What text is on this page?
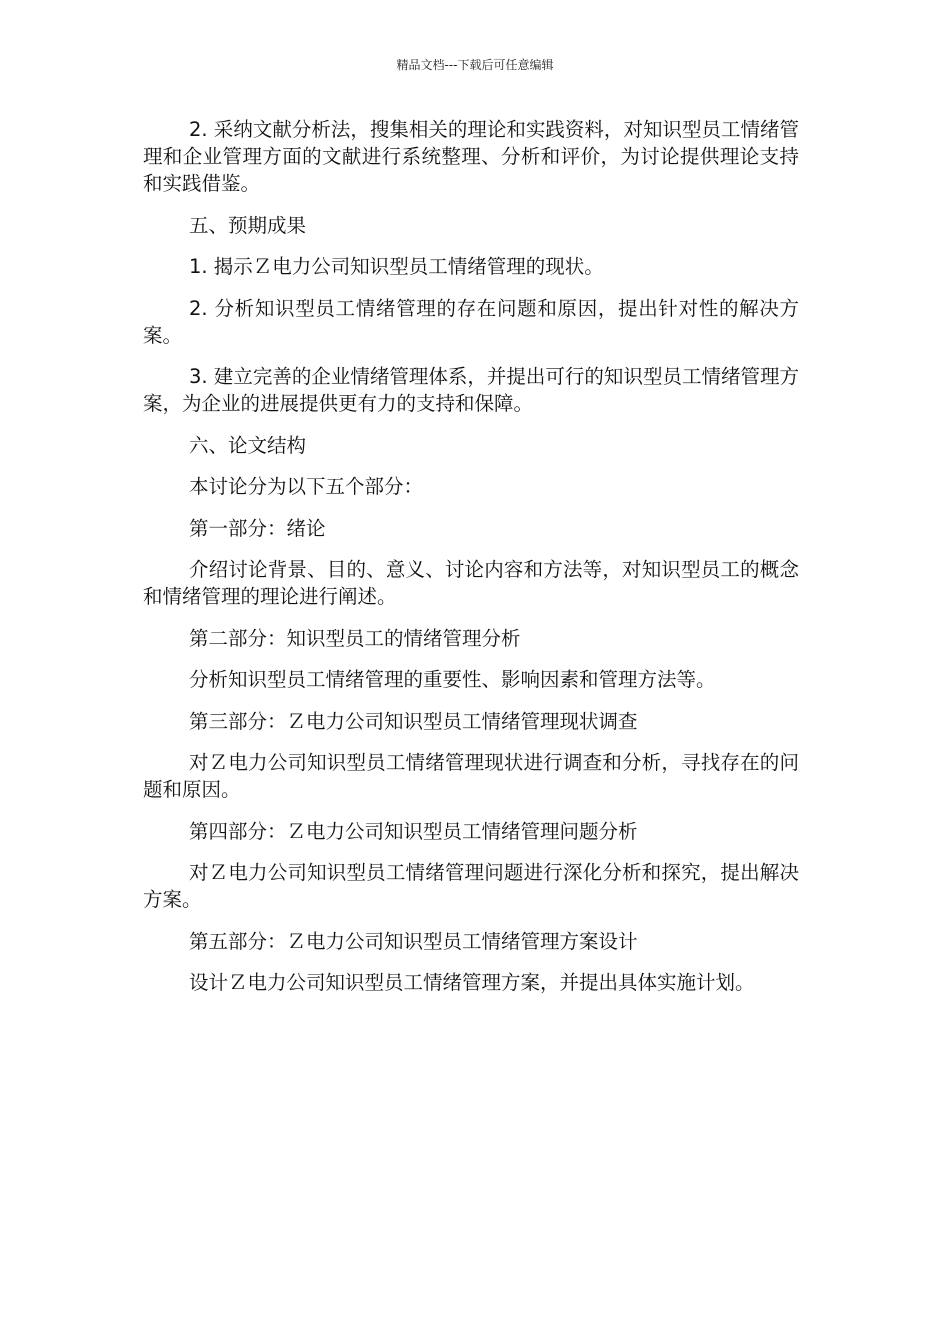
精品文档---下载后可任意编辑

2. 采纳文献分析法，搜集相关的理论和实践资料，对知识型员工情绪管理和企业管理方面的文献进行系统整理、分析和评价，为讨论提供理论支持和实践借鉴。

五、预期成果

1. 揭示Ｚ电力公司知识型员工情绪管理的现状。

2. 分析知识型员工情绪管理的存在问题和原因，提出针对性的解决方案。

3. 建立完善的企业情绪管理体系，并提出可行的知识型员工情绪管理方案，为企业的进展提供更有力的支持和保障。

六、论文结构

本讨论分为以下五个部分：

第一部分：绪论

介绍讨论背景、目的、意义、讨论内容和方法等，对知识型员工的概念和情绪管理的理论进行阐述。

第二部分：知识型员工的情绪管理分析

分析知识型员工情绪管理的重要性、影响因素和管理方法等。

第三部分：Ｚ电力公司知识型员工情绪管理现状调查

对Ｚ电力公司知识型员工情绪管理现状进行调查和分析，寻找存在的问题和原因。

第四部分：Ｚ电力公司知识型员工情绪管理问题分析

对Ｚ电力公司知识型员工情绪管理问题进行深化分析和探究，提出解决方案。

第五部分：Ｚ电力公司知识型员工情绪管理方案设计

设计Ｚ电力公司知识型员工情绪管理方案，并提出具体实施计划。
